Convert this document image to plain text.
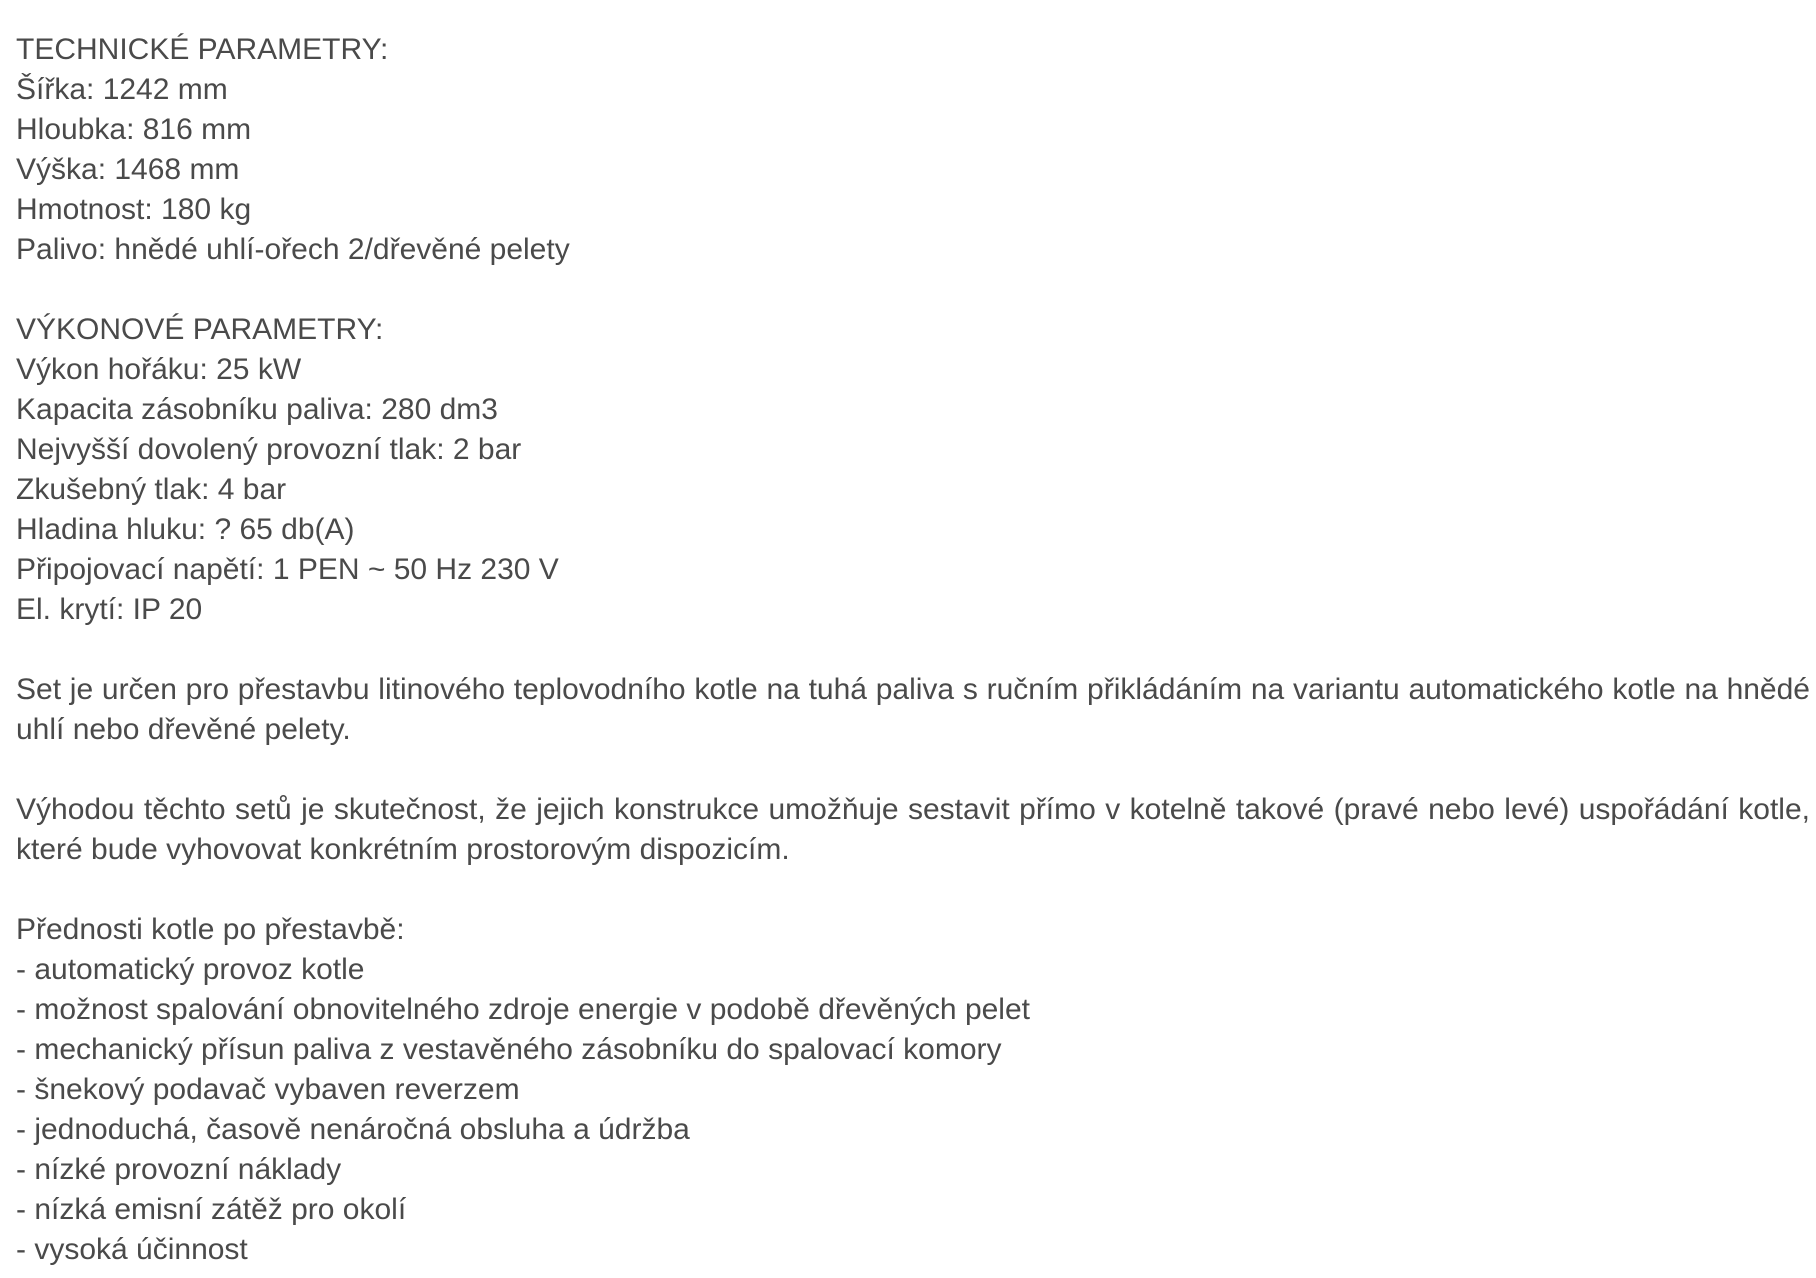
TECHNICKÉ PARAMETRY:
Šířka: 1242 mm
Hloubka: 816 mm
Výška: 1468 mm
Hmotnost: 180 kg
Palivo: hnědé uhlí-ořech 2/dřevěné pelety
VÝKONOVÉ PARAMETRY:
Výkon hořáku: 25 kW
Kapacita zásobníku paliva: 280 dm3
Nejvyšší dovolený provozní tlak: 2 bar
Zkušebný tlak: 4 bar
Hladina hluku: ? 65 db(A)
Připojovací napětí: 1 PEN ~ 50 Hz 230 V
El. krytí: IP 20

Set je určen pro přestavbu litinového teplovodního kotle na tuhá paliva s ručním přikládáním na variantu automatického kotle na hnědé uhlí nebo dřevěné pelety.

Výhodou těchto setů je skutečnost, že jejich konstrukce umožňuje sestavit přímo v kotelně takové (pravé nebo levé) uspořádání kotle, které bude vyhovovat konkrétním prostorovým dispozicím.

Přednosti kotle po přestavbě:
- automatický provoz kotle
- možnost spalování obnovitelného zdroje energie v podobě dřevěných pelet
- mechanický přísun paliva z vestavěného zásobníku do spalovací komory
- šnekový podavač vybaven reverzem
- jednoduchá, časově nenáročná obsluha a údržba
- nízké provozní náklady
- nízká emisní zátěž pro okolí
- vysoká účinnost
